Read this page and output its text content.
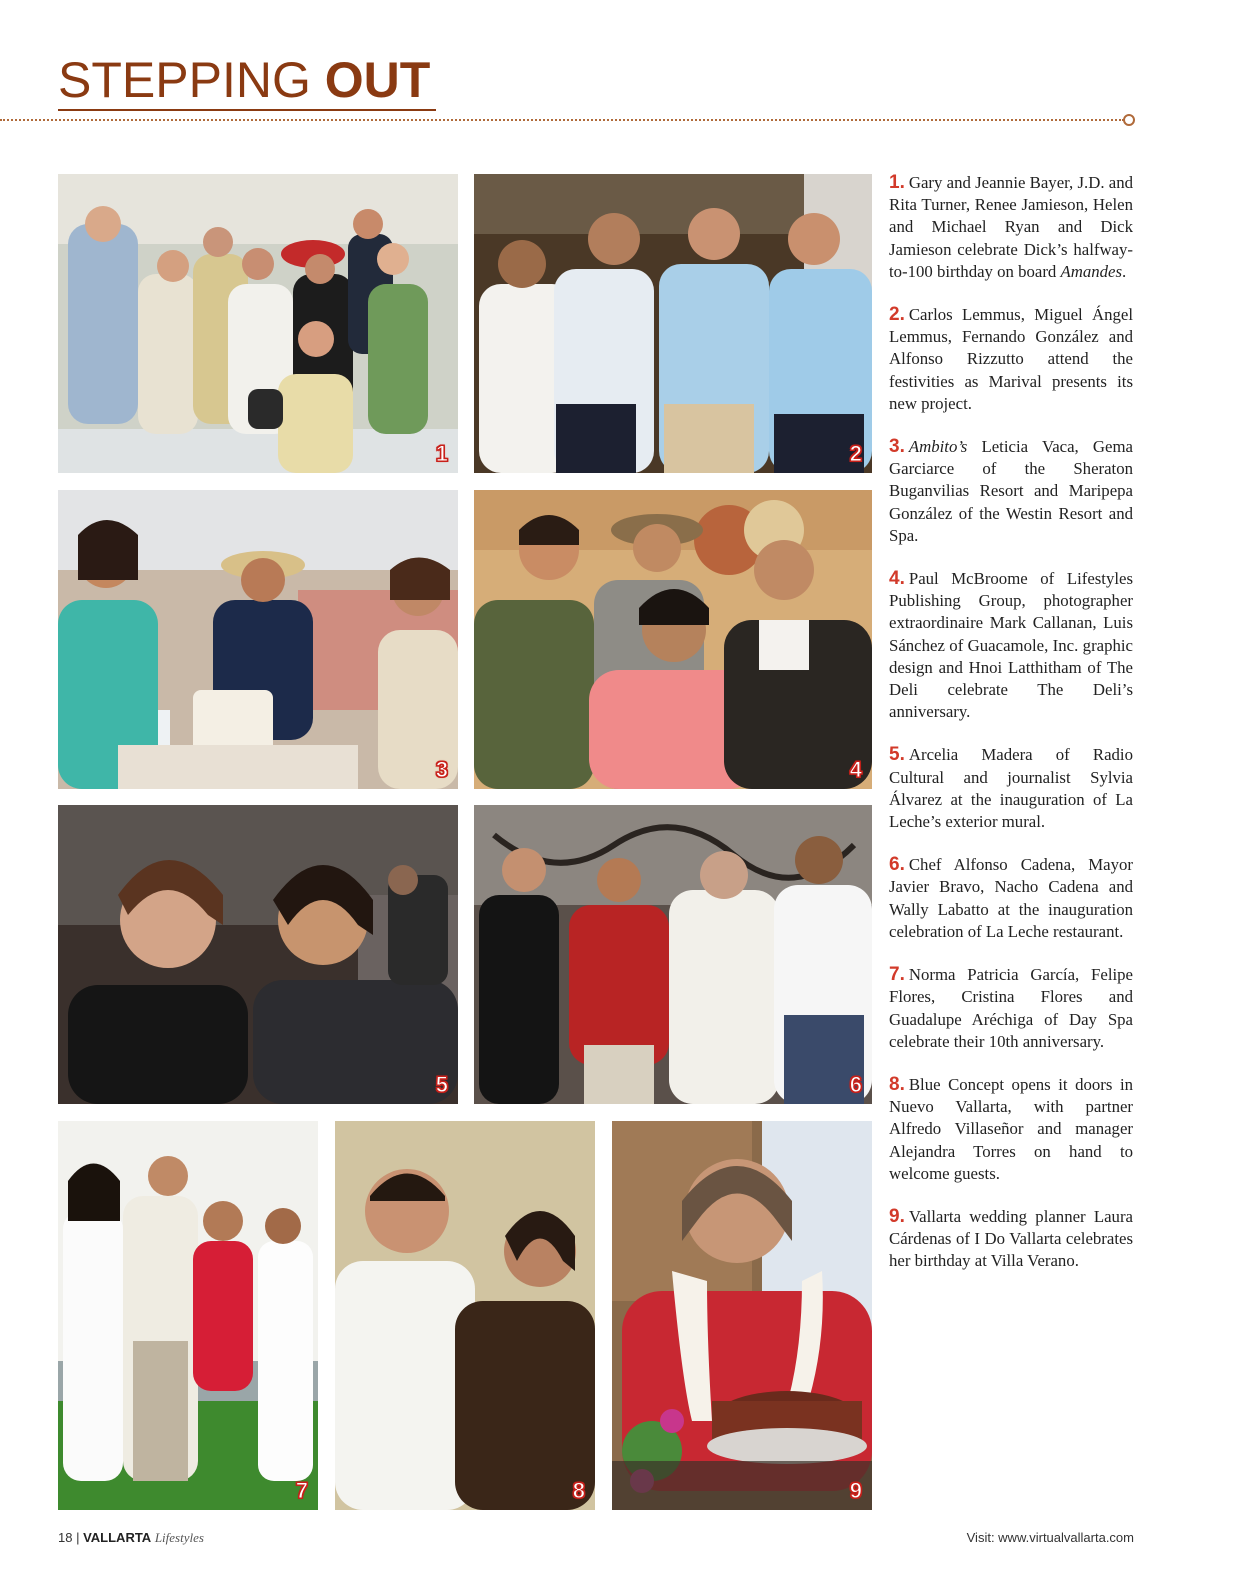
STEPPING OUT
1	2
3	4
5	6
7	8	9

1. Gary and Jeannie Bayer, J.D. and Rita Turner, Renee Jamieson, Helen and Michael Ryan and Dick Jamieson celebrate Dick’s halfway-to-100 birthday on board Amandes.

2. Carlos Lemmus, Miguel Ángel Lemmus, Fernando González and Alfonso Rizzutto attend the festivities as Marival presents its new project.

3. Ambito’s Leticia Vaca, Gema Garciarce of the Sheraton Buganvilias Resort and Maripepa González of the Westin Resort and Spa.

4. Paul McBroome of Lifestyles Publishing Group, photographer extraordinaire Mark Callanan, Luis Sánchez of Guacamole, Inc. graphic design and Hnoi Latthitham of The Deli celebrate The Deli’s anniversary.

5. Arcelia Madera of Radio Cultural and journalist Sylvia Álvarez at the inauguration of La Leche’s exterior mural.

6. Chef Alfonso Cadena, Mayor Javier Bravo, Nacho Cadena and Wally Labatto at the inauguration celebration of La Leche restaurant.

7. Norma Patricia García, Felipe Flores, Cristina Flores and Guadalupe Aréchiga of Day Spa celebrate their 10th anniversary.

8. Blue Concept opens it doors in Nuevo Vallarta, with partner Alfredo Villaseñor and manager Alejandra Torres on hand to welcome guests.

9. Vallarta wedding planner Laura Cárdenas of I Do Vallarta celebrates her birthday at Villa Verano.

18 | VALLARTA Lifestyles	Visit: www.virtualvallarta.com
